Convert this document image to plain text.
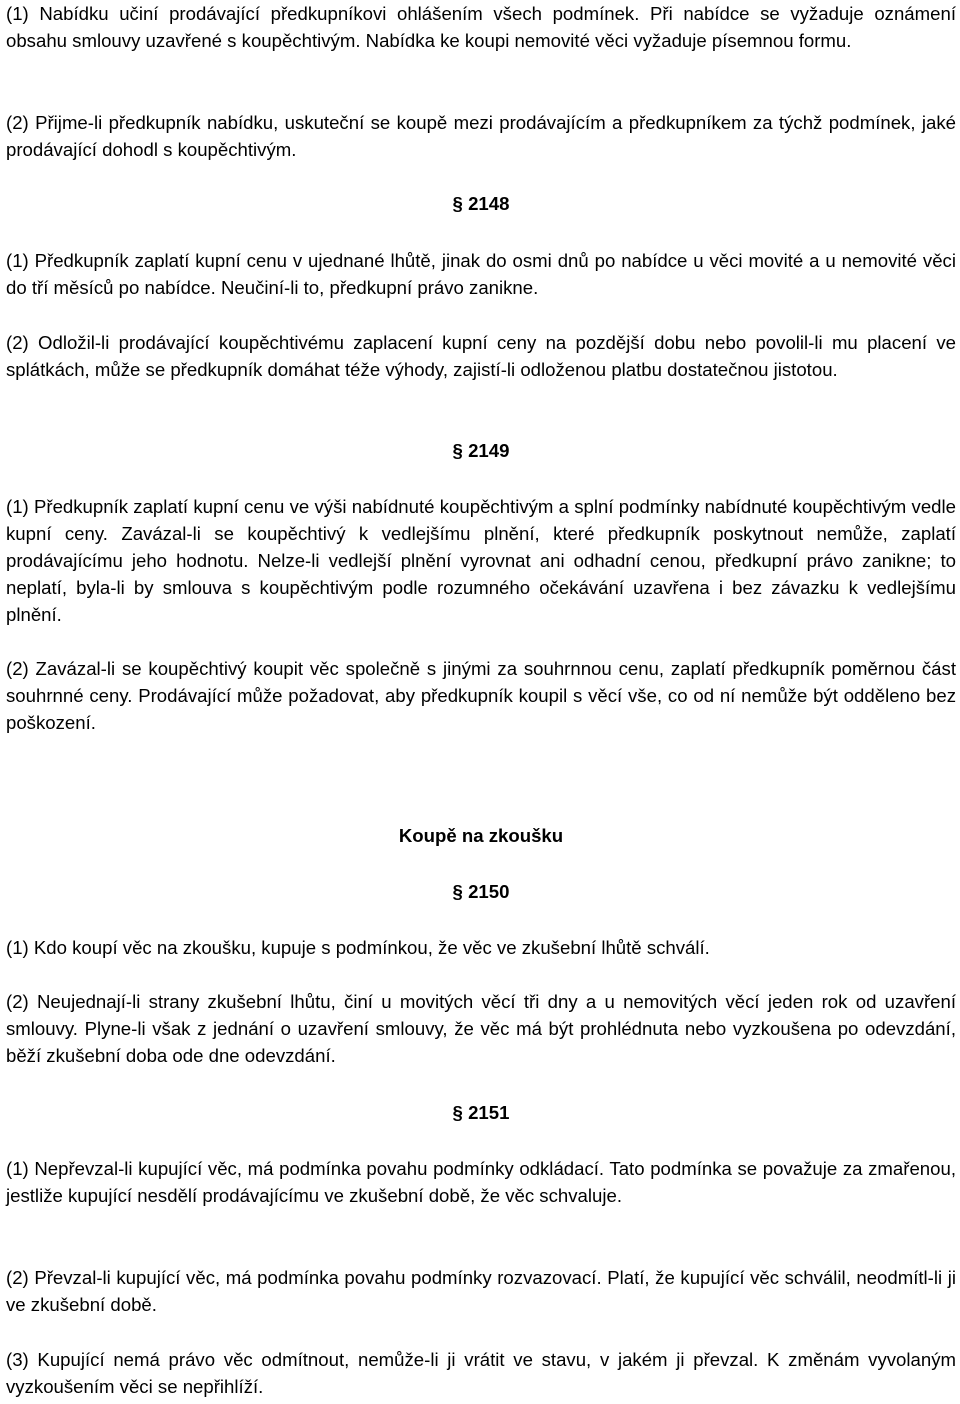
(1) Nabídku učiní prodávající předkupníkovi ohlášením všech podmínek. Při nabídce se vyžaduje oznámení obsahu smlouvy uzavřené s koupěchtivým. Nabídka ke koupi nemovité věci vyžaduje písemnou formu.

(2) Přijme-li předkupník nabídku, uskuteční se koupě mezi prodávajícím a předkupníkem za týchž podmínek, jaké prodávající dohodl s koupěchtivým.

§ 2148

(1) Předkupník zaplatí kupní cenu v ujednané lhůtě, jinak do osmi dnů po nabídce u věci movité a u nemovité věci do tří měsíců po nabídce. Neučiní-li to, předkupní právo zanikne.

(2) Odložil-li prodávající koupěchtivému zaplacení kupní ceny na pozdější dobu nebo povolil-li mu placení ve splátkách, může se předkupník domáhat téže výhody, zajistí-li odloženou platbu dostatečnou jistotou.

§ 2149

(1) Předkupník zaplatí kupní cenu ve výši nabídnuté koupěchtivým a splní podmínky nabídnuté koupěchtivým vedle kupní ceny. Zavázal-li se koupěchtivý k vedlejšímu plnění, které předkupník poskytnout nemůže, zaplatí prodávajícímu jeho hodnotu. Nelze-li vedlejší plnění vyrovnat ani odhadní cenou, předkupní právo zanikne; to neplatí, byla-li by smlouva s koupěchtivým podle rozumného očekávání uzavřena i bez závazku k vedlejšímu plnění.

(2) Zavázal-li se koupěchtivý koupit věc společně s jinými za souhrnnou cenu, zaplatí předkupník poměrnou část souhrnné ceny. Prodávající může požadovat, aby předkupník koupil s věcí vše, co od ní nemůže být odděleno bez poškození.

Koupě na zkoušku
§ 2150

(1) Kdo koupí věc na zkoušku, kupuje s podmínkou, že věc ve zkušební lhůtě schválí.

(2) Neujednají-li strany zkušební lhůtu, činí u movitých věcí tři dny a u nemovitých věcí jeden rok od uzavření smlouvy. Plyne-li však z jednání o uzavření smlouvy, že věc má být prohlédnuta nebo vyzkoušena po odevzdání, běží zkušební doba ode dne odevzdání.

§ 2151

(1) Nepřevzal-li kupující věc, má podmínka povahu podmínky odkládací. Tato podmínka se považuje za zmařenou, jestliže kupující nesdělí prodávajícímu ve zkušební době, že věc schvaluje.

(2) Převzal-li kupující věc, má podmínka povahu podmínky rozvazovací. Platí, že kupující věc schválil, neodmítl-li ji ve zkušební době.

(3) Kupující nemá právo věc odmítnout, nemůže-li ji vrátit ve stavu, v jakém ji převzal. K změnám vyvolaným vyzkoušením věci se nepřihlíží.
